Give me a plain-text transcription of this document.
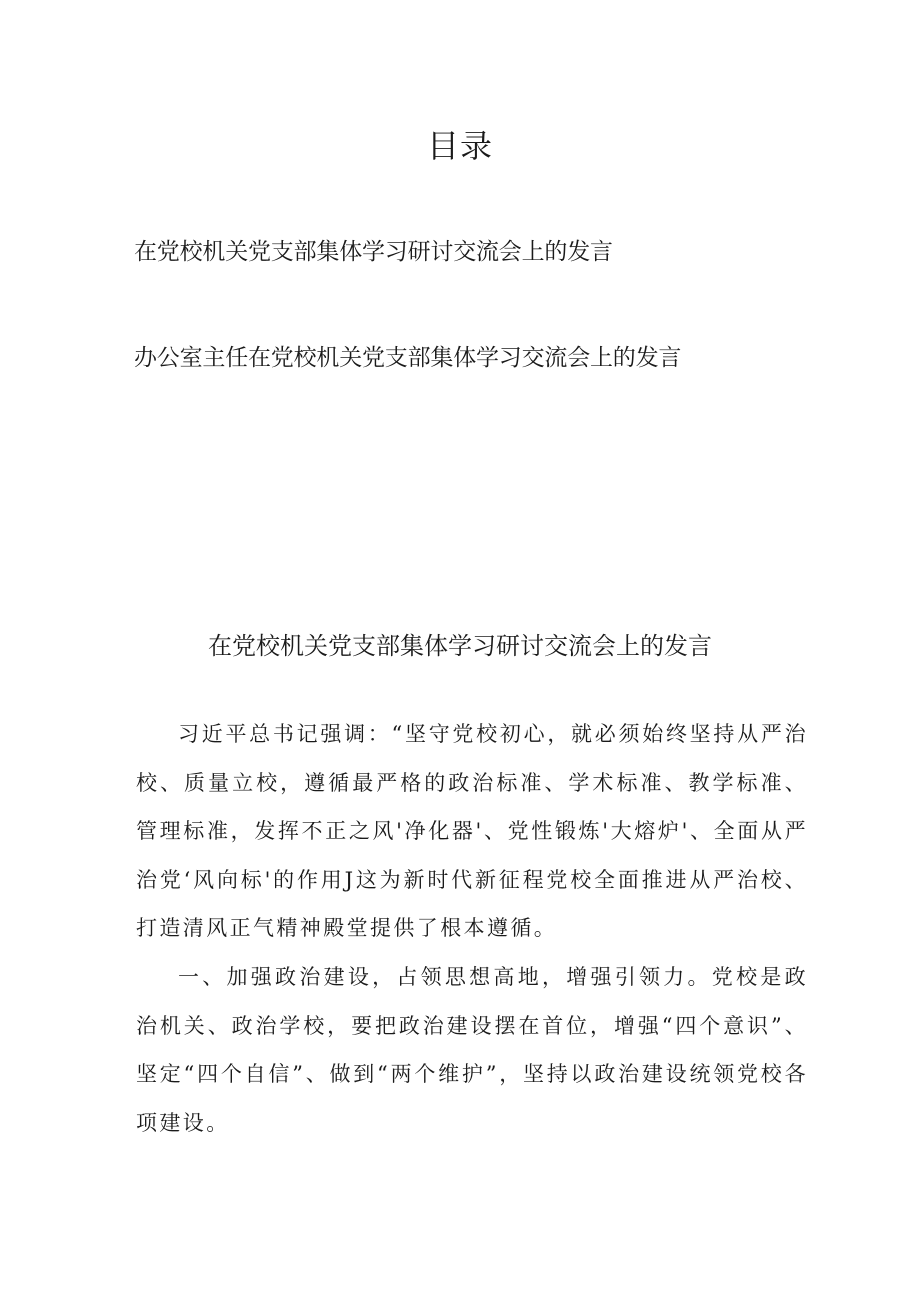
目录
在党校机关党支部集体学习研讨交流会上的发言
办公室主任在党校机关党支部集体学习交流会上的发言
在党校机关党支部集体学习研讨交流会上的发言

习近平总书记强调：“坚守党校初心，就必须始终坚持从严治校、质量立校，遵循最严格的政治标准、学术标准、教学标准、管理标准，发挥不正之风'净化器'、党性锻炼'大熔炉'、全面从严治党‘风向标'的作用J这为新时代新征程党校全面推进从严治校、打造清风正气精神殿堂提供了根本遵循。

一、加强政治建设，占领思想高地，增强引领力。党校是政治机关、政治学校，要把政治建设摆在首位，增强“四个意识”、坚定“四个自信”、做到“两个维护”，坚持以政治建设统领党校各项建设。
